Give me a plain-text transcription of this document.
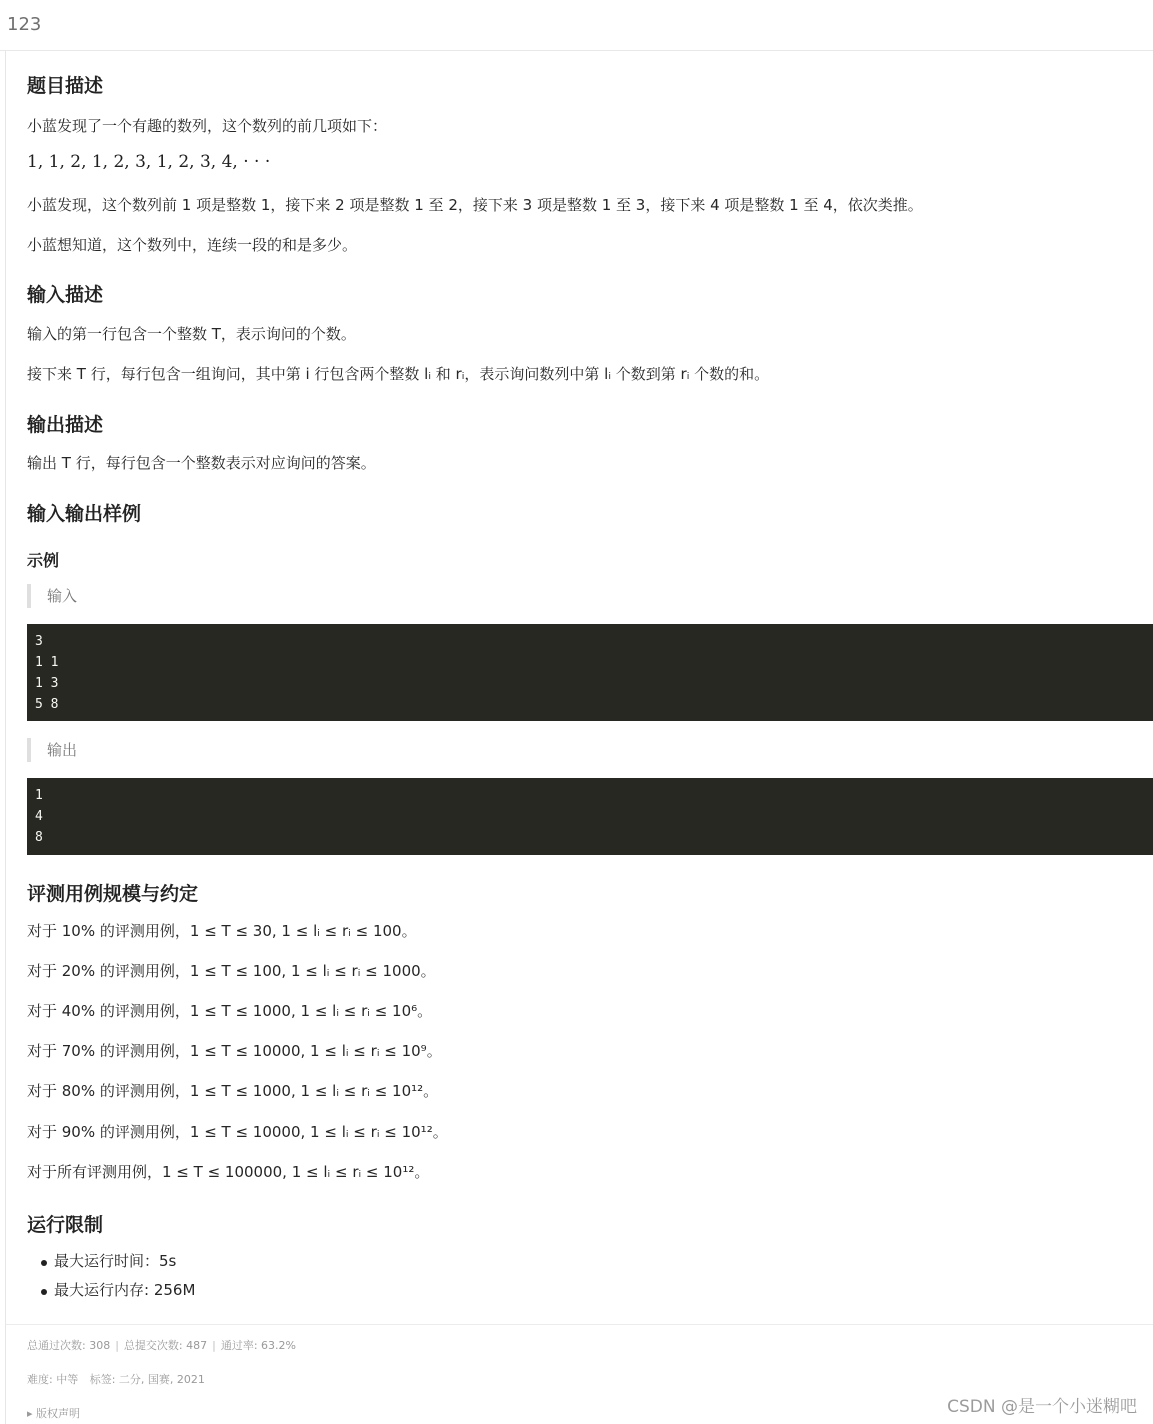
123
题目描述
小蓝发现了一个有趣的数列，这个数列的前几项如下：
1, 1, 2, 1, 2, 3, 1, 2, 3, 4, · · ·
小蓝发现，这个数列前 1 项是整数 1，接下来 2 项是整数 1 至 2，接下来 3 项是整数 1 至 3，接下来 4 项是整数 1 至 4，依次类推。
小蓝想知道，这个数列中，连续一段的和是多少。
输入描述
输入的第一行包含一个整数 T，表示询问的个数。
接下来 T 行，每行包含一组询问，其中第 i 行包含两个整数 lᵢ 和 rᵢ，表示询问数列中第 lᵢ 个数到第 rᵢ 个数的和。
输出描述
输出 T 行，每行包含一个整数表示对应询问的答案。
输入输出样例
示例
输入
3
1 1
1 3
5 8
输出
1
4
8
评测用例规模与约定
对于 10% 的评测用例，1 ≤ T ≤ 30, 1 ≤ lᵢ ≤ rᵢ ≤ 100。
对于 20% 的评测用例，1 ≤ T ≤ 100, 1 ≤ lᵢ ≤ rᵢ ≤ 1000。
对于 40% 的评测用例，1 ≤ T ≤ 1000, 1 ≤ lᵢ ≤ rᵢ ≤ 10⁶。
对于 70% 的评测用例，1 ≤ T ≤ 10000, 1 ≤ lᵢ ≤ rᵢ ≤ 10⁹。
对于 80% 的评测用例，1 ≤ T ≤ 1000, 1 ≤ lᵢ ≤ rᵢ ≤ 10¹²。
对于 90% 的评测用例，1 ≤ T ≤ 10000, 1 ≤ lᵢ ≤ rᵢ ≤ 10¹²。
对于所有评测用例，1 ≤ T ≤ 100000, 1 ≤ lᵢ ≤ rᵢ ≤ 10¹²。
运行限制
最大运行时间：5s
最大运行内存: 256M
总通过次数: 308 | 总提交次数: 487 | 通过率: 63.2%
难度: 中等 标签: 二分, 国赛, 2021
▸ 版权声明	CSDN @是一个小迷糊吧
